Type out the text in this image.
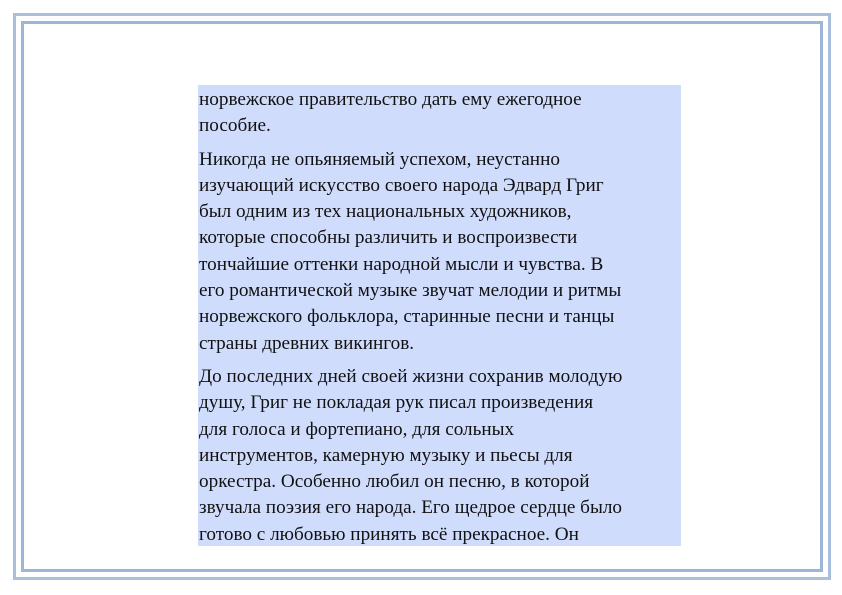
норвежское правительство дать ему ежегодное
пособие.
Никогда не опьяняемый успехом, неустанно
изучающий искусство своего народа Эдвард Григ
был одним из тех национальных художников,
которые способны различить и воспроизвести
тончайшие оттенки народной мысли и чувства. В
его романтической музыке звучат мелодии и ритмы
норвежского фольклора, старинные песни и танцы
страны древних викингов.
До последних дней своей жизни сохранив молодую
душу, Григ не покладая рук писал произведения
для голоса и фортепиано, для сольных
инструментов, камерную музыку и пьесы для
оркестра. Особенно любил он песню, в которой
звучала поэзия его народа. Его щедрое сердце было
готово с любовью принять всё прекрасное. Он
